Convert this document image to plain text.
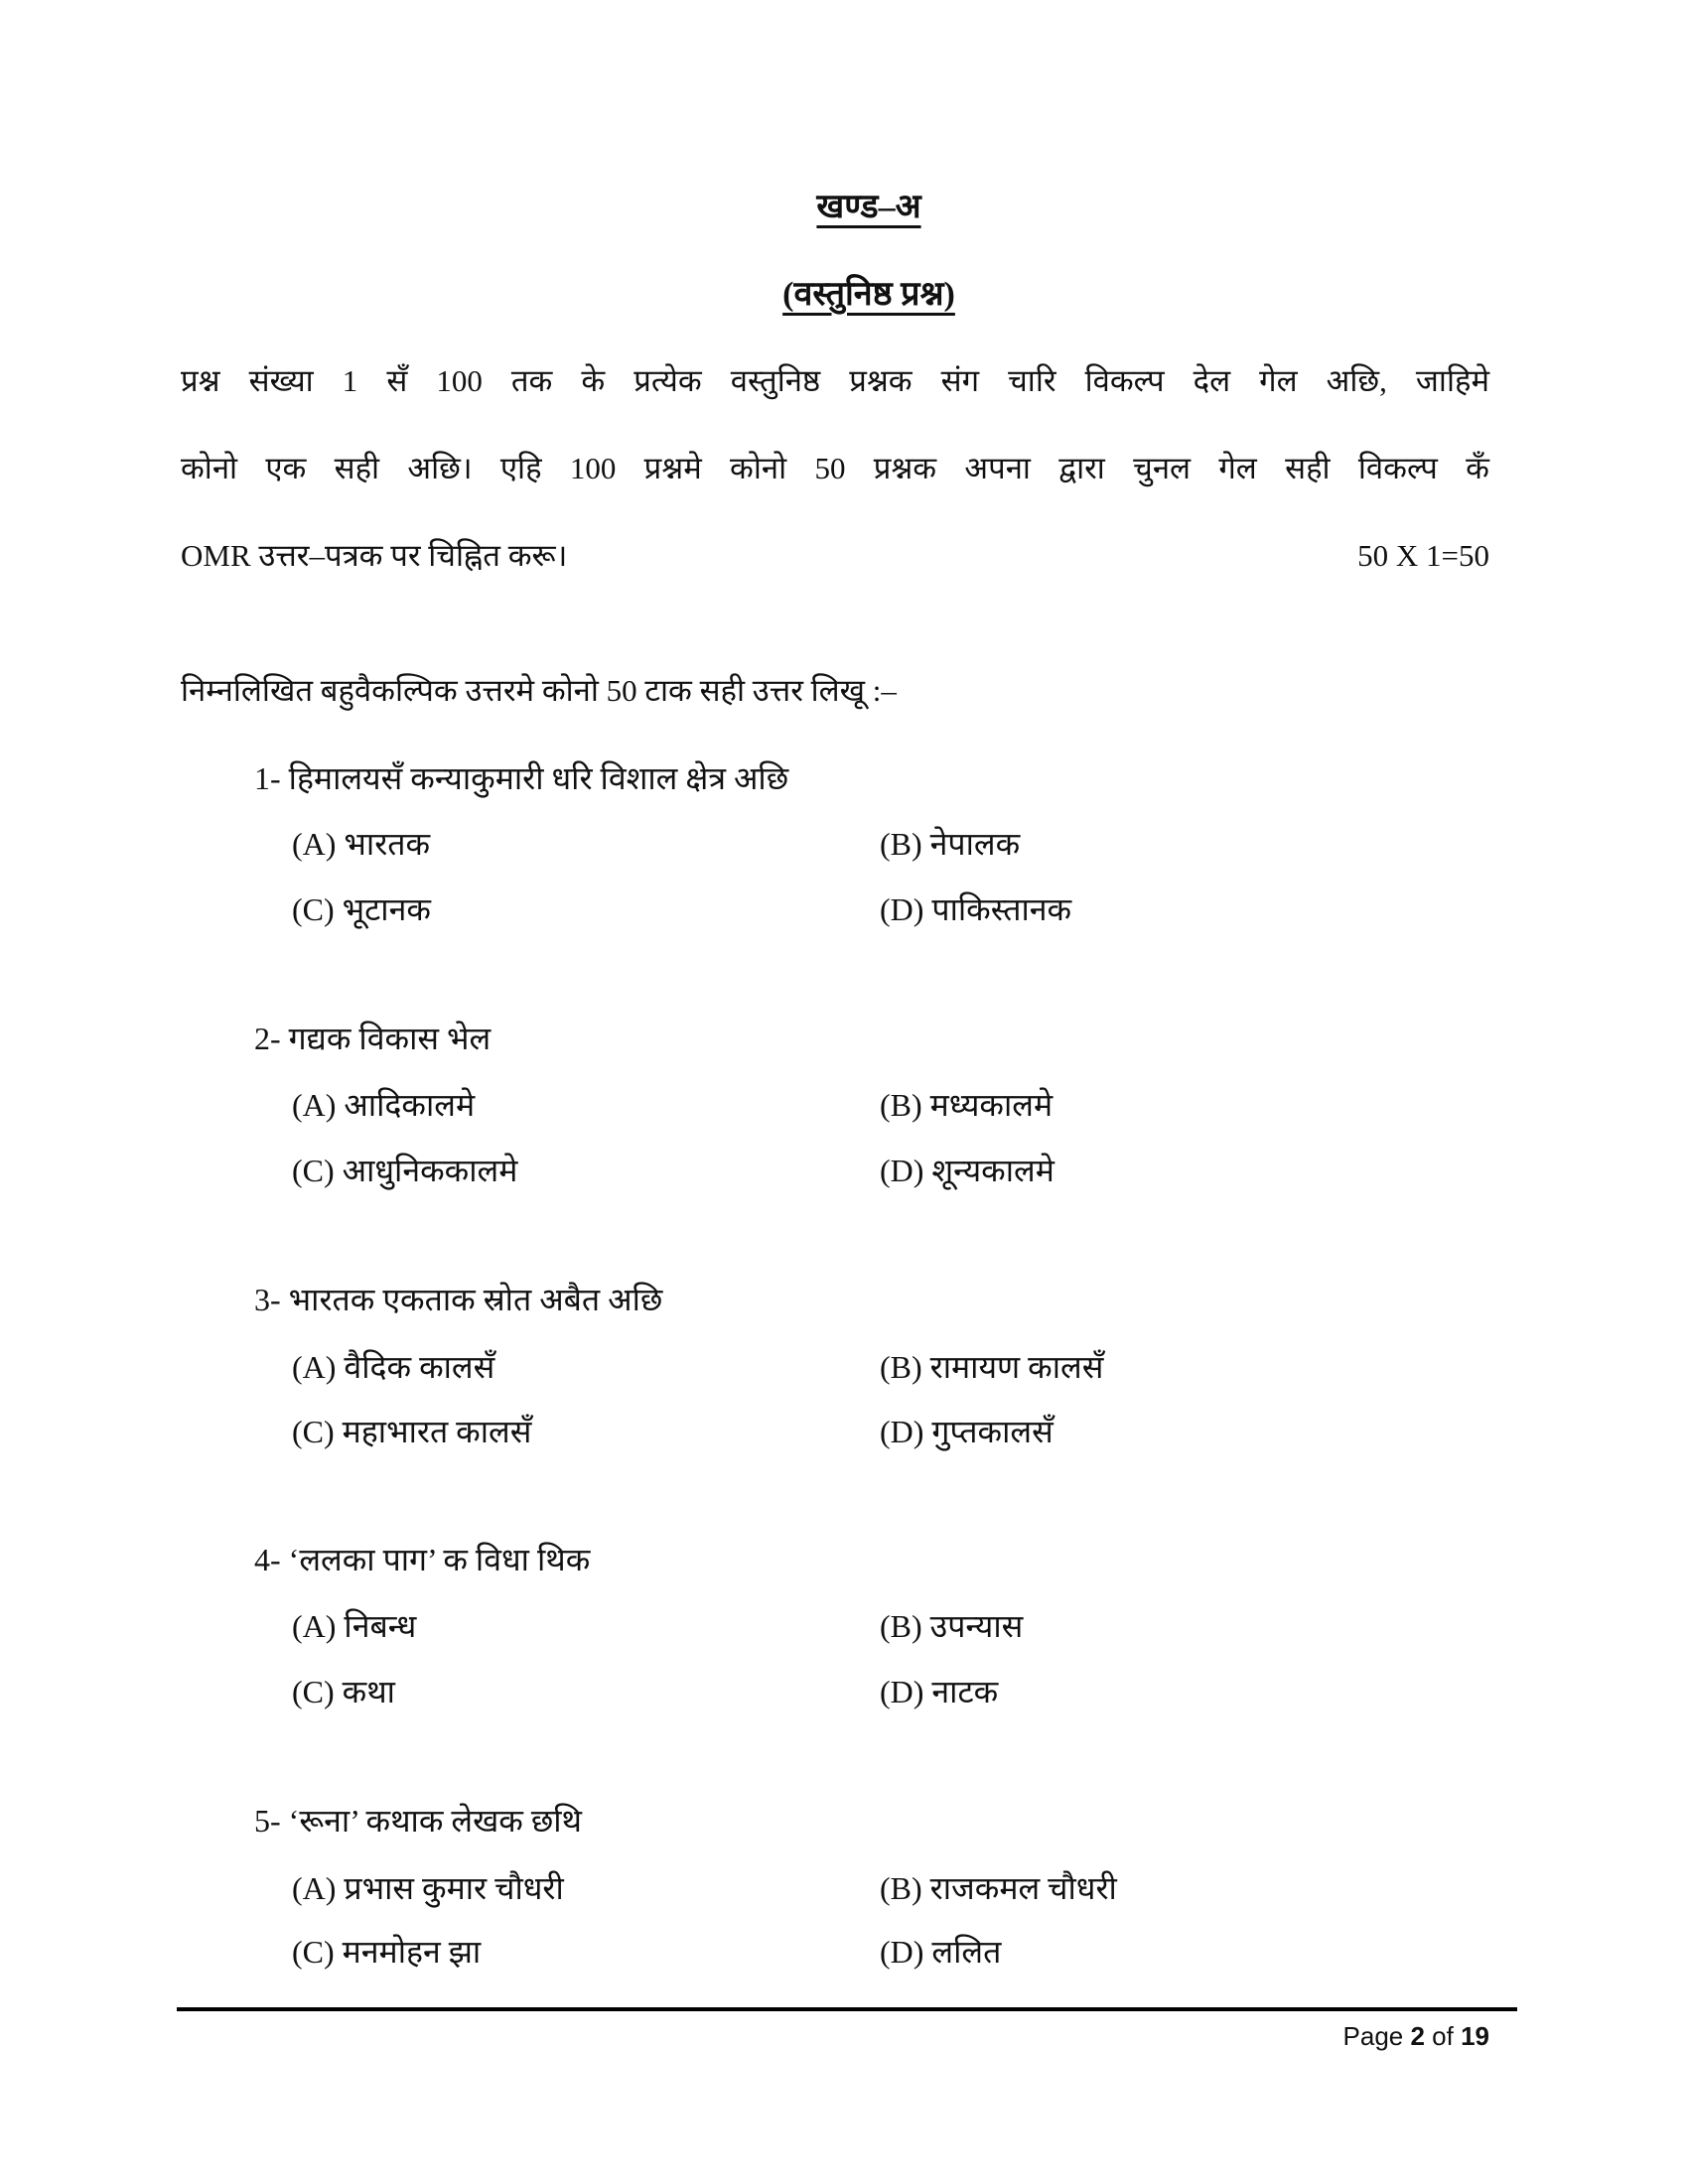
खण्ड–अ
(वस्तुनिष्ठ प्रश्न)
प्रश्न संख्या 1 सँ 100 तक के प्रत्येक वस्तुनिष्ठ प्रश्नक संग चारि विकल्प देल गेल अछि, जाहिमे
कोनो एक सही अछि। एहि 100 प्रश्नमे कोनो 50 प्रश्नक अपना द्वारा चुनल गेल सही विकल्प कँ
OMR उत्तर–पत्रक पर चिह्नित करू।	50 X 1=50
निम्नलिखित बहुवैकल्पिक उत्तरमे कोनो 50 टाक सही उत्तर लिखू :–
1- हिमालयसँ कन्याकुमारी धरि विशाल क्षेत्र अछि
(A) भारतक	(B) नेपालक
(C) भूटानक	(D) पाकिस्तानक
2- गद्यक विकास भेल
(A) आदिकालमे	(B) मध्यकालमे
(C) आधुनिककालमे	(D) शून्यकालमे
3- भारतक एकताक स्रोत अबैत अछि
(A) वैदिक कालसँ	(B) रामायण कालसँ
(C) महाभारत कालसँ	(D) गुप्तकालसँ
4- ‘ललका पाग’ क विधा थिक
(A) निबन्ध	(B) उपन्यास
(C) कथा	(D) नाटक
5- ‘रूना’ कथाक लेखक छथि
(A) प्रभास कुमार चौधरी	(B) राजकमल चौधरी
(C) मनमोहन झा	(D) ललित
Page 2 of 19
